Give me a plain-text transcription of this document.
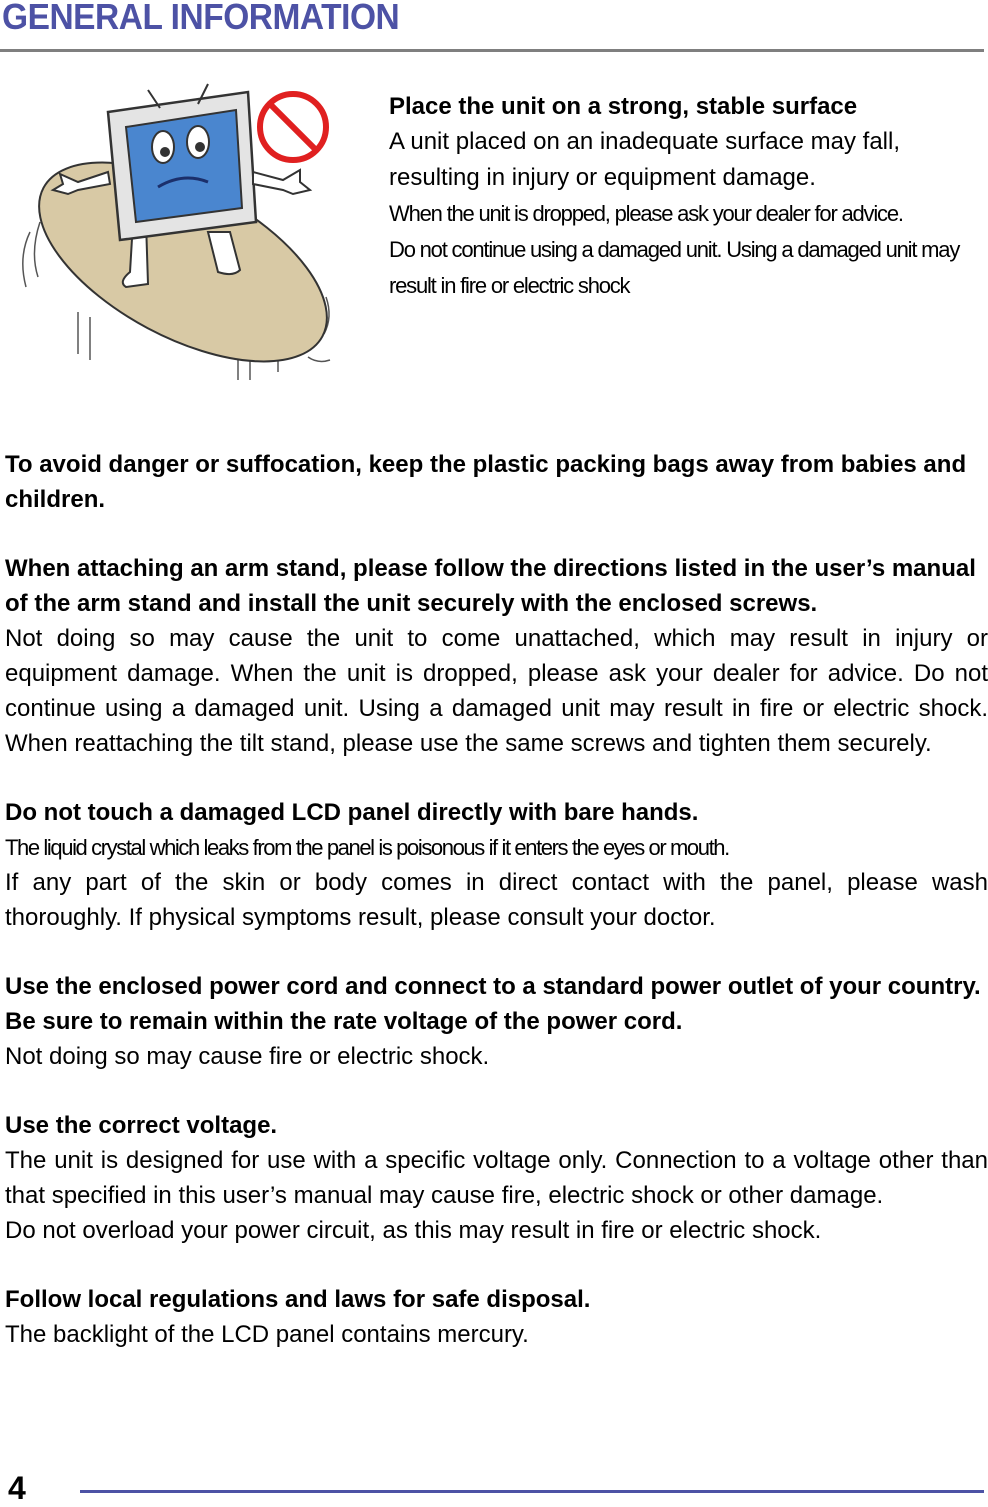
GENERAL INFORMATION
Place the unit on a strong, stable surface
A unit placed on an inadequate surface may fall, resulting in injury or equipment damage.
When the unit is dropped, please ask your dealer for advice.
Do not continue using a damaged unit. Using a damaged unit may result in fire or electric shock
To avoid danger or suffocation, keep the plastic packing bags away from babies and children.
When attaching an arm stand, please follow the directions listed in the user’s manual of the arm stand and install the unit securely with the enclosed screws.
Not doing so may cause the unit to come unattached, which may result in injury or equipment damage. When the unit is dropped, please ask your dealer for advice. Do not continue using a damaged unit. Using a damaged unit may result in fire or electric shock. When reattaching the tilt stand, please use the same screws and tighten them securely.
Do not touch a damaged LCD panel directly with bare hands.
The liquid crystal which leaks from the panel is poisonous if it enters the eyes or mouth.
If any part of the skin or body comes in direct contact with the panel, please wash thoroughly. If physical symptoms result, please consult your doctor.
Use the enclosed power cord and connect to a standard power outlet of your country. Be sure to remain within the rate voltage of the power cord.
Not doing so may cause fire or electric shock.
Use the correct voltage.
The unit is designed for use with a specific voltage only. Connection to a voltage other than that specified in this user’s manual may cause fire, electric shock or other damage.
Do not overload your power circuit, as this may result in fire or electric shock.
Follow local regulations and laws for safe disposal.
The backlight of the LCD panel contains mercury.
4
